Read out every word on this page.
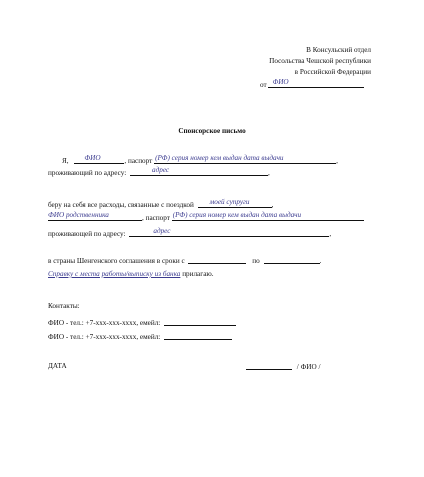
В Консульский отдел
Посольства Чешской республики
в Российской Федерации
от ФИО
Спонсорское письмо
Я, ФИО	, паспорт (РФ) серия номер кем выдан дата выдачи	,
проживающий по адресу:	адрес	,
беру на себя все расходы, связанные с поездкой моей супруги	,
ФИО родственника	, паспорт (РФ) серия номер кем выдан дата выдачи
проживающей по адресу:	адрес	,
в страны Шенгенского соглашения в сроки с	по	.
Справку с места работы/выписку из банка прилагаю.
Контакты:
ФИО - тел.: +7-ххх-ххх-хххх, емейл:
ФИО - тел.: +7-ххх-ххх-хххх, емейл:
ДАТА	/ ФИО /
